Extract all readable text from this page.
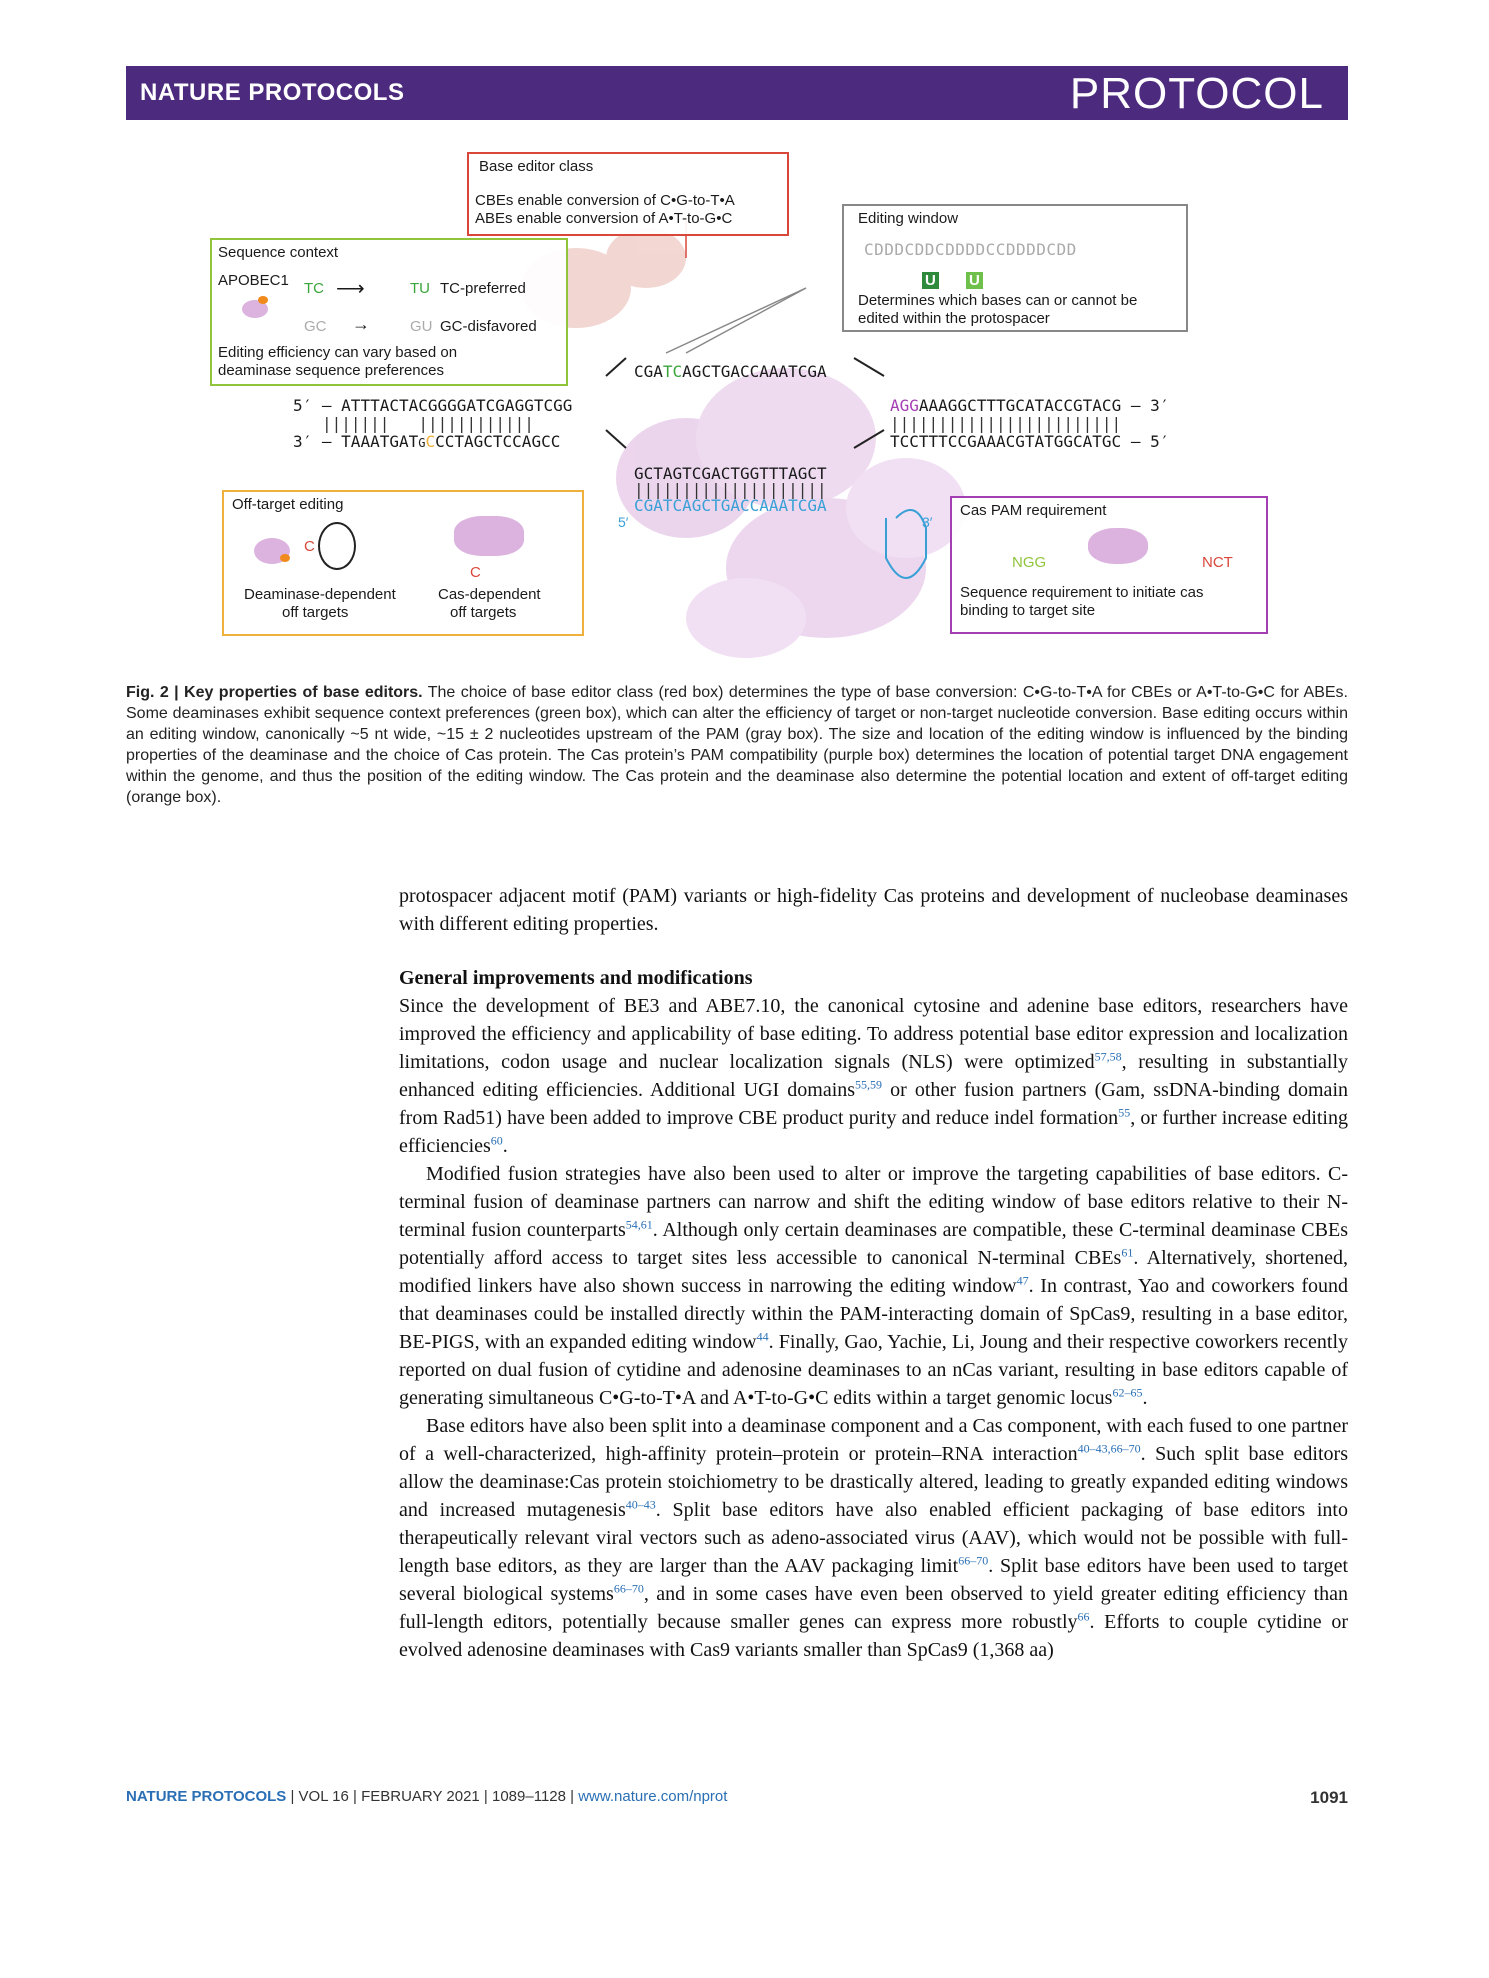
NATURE PROTOCOLS	PROTOCOL
Base editor class
CBEs enable conversion of C•G-to-T•A
ABEs enable conversion of A•T-to-G•C	Editing window
CDDDCDDCDDDDCCDDDDCDD
U U
Determines which bases can or cannot be
edited within the protospacer
Sequence context
APOBEC1 TC ⟶	TU TC-preferred
GC →	GU GC-disfavored
Editing efficiency can vary based on
deaminase sequence preferences	CGATCAGCTGACCAAATCGA
5′ – ATTTACTACGGGGATCGAGGTCGG	AGGAAAGGCTTTGCATACCGTACG – 3′
|||||||   ||||||||||||	||||||||||||||||||||||||
3′ – TAAATGATGCCCTAGCTCCAGCC	TCCTTTCCGAAACGTATGGCATGC – 5′
GCTAGTCGACTGGTTTAGCT
||||||||||||||||||||
CGATCAGCTGACCAAATCGA
5′	3′
Off-target editing
C
C
Deaminase-dependent
off targets
Cas-dependent
off targets
Cas PAM requirement
NGG	NCT
Sequence requirement to initiate cas
binding to target site
Fig. 2 | Key properties of base editors. The choice of base editor class (red box) determines the type of base conversion: C•G-to-T•A for CBEs or A•T-to-G•C for ABEs. Some deaminases exhibit sequence context preferences (green box), which can alter the efficiency of target or non-target nucleotide conversion. Base editing occurs within an editing window, canonically ~5 nt wide, ~15 ± 2 nucleotides upstream of the PAM (gray box). The size and location of the editing window is influenced by the binding properties of the deaminase and the choice of Cas protein. The Cas protein’s PAM compatibility (purple box) determines the location of potential target DNA engagement within the genome, and thus the position of the editing window. The Cas protein and the deaminase also determine the potential location and extent of off-target editing (orange box).

protospacer adjacent motif (PAM) variants or high-fidelity Cas proteins and development of nucleobase deaminases with different editing properties.

General improvements and modifications

Since the development of BE3 and ABE7.10, the canonical cytosine and adenine base editors, researchers have improved the efficiency and applicability of base editing. To address potential base editor expression and localization limitations, codon usage and nuclear localization signals (NLS) were optimized$^{57,58}$, resulting in substantially enhanced editing efficiencies. Additional UGI domains$^{55,59}$ or other fusion partners (Gam, ssDNA-binding domain from Rad51) have been added to improve CBE product purity and reduce indel formation$^{55}$, or further increase editing efficiencies$^{60}$.

Modified fusion strategies have also been used to alter or improve the targeting capabilities of base editors. C-terminal fusion of deaminase partners can narrow and shift the editing window of base editors relative to their N-terminal fusion counterparts$^{54,61}$. Although only certain deaminases are compatible, these C-terminal deaminase CBEs potentially afford access to target sites less accessible to canonical N-terminal CBEs$^{61}$. Alternatively, shortened, modified linkers have also shown success in narrowing the editing window$^{47}$. In contrast, Yao and coworkers found that deaminases could be installed directly within the PAM-interacting domain of SpCas9, resulting in a base editor, BE-PIGS, with an expanded editing window$^{44}$. Finally, Gao, Yachie, Li, Joung and their respective coworkers recently reported on dual fusion of cytidine and adenosine deaminases to an nCas variant, resulting in base editors capable of generating simultaneous C•G-to-T•A and A•T-to-G•C edits within a target genomic locus$^{62-65}$.

Base editors have also been split into a deaminase component and a Cas component, with each fused to one partner of a well-characterized, high-affinity protein–protein or protein–RNA interaction$^{40-43,66-70}$. Such split base editors allow the deaminase:Cas protein stoichiometry to be drastically altered, leading to greatly expanded editing windows and increased mutagenesis$^{40-43}$. Split base editors have also enabled efficient packaging of base editors into therapeutically relevant viral vectors such as adeno-associated virus (AAV), which would not be possible with full-length base editors, as they are larger than the AAV packaging limit$^{66-70}$. Split base editors have been used to target several biological systems$^{66-70}$, and in some cases have even been observed to yield greater editing efficiency than full-length editors, potentially because smaller genes can express more robustly$^{66}$. Efforts to couple cytidine or evolved adenosine deaminases with Cas9 variants smaller than SpCas9 (1,368 aa)

NATURE PROTOCOLS | VOL 16 | FEBRUARY 2021 | 1089–1128 | www.nature.com/nprot	1091
